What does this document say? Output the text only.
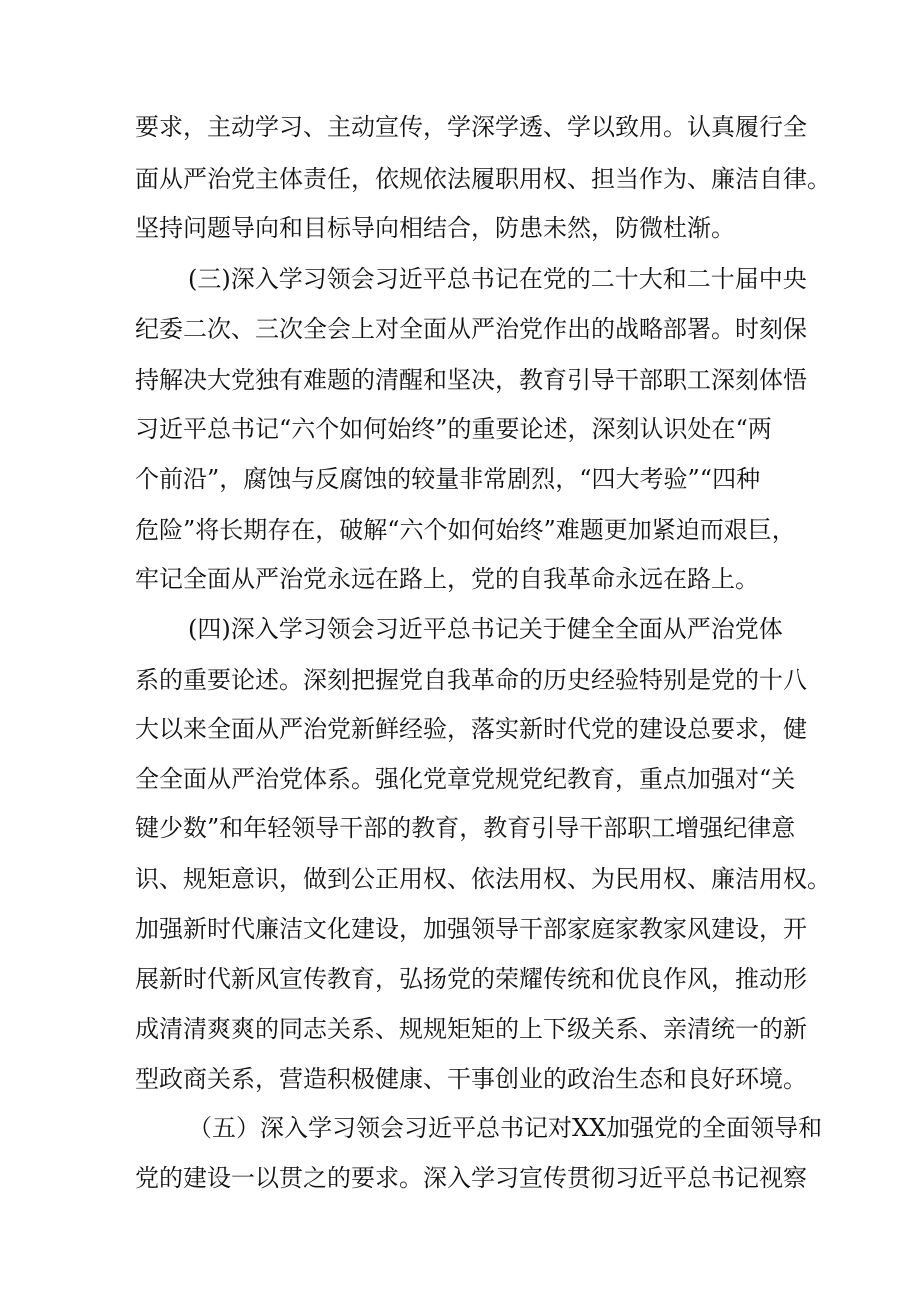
要求，主动学习、主动宣传，学深学透、学以致用。认真履行全
面从严治党主体责任，依规依法履职用权、担当作为、廉洁自律。
坚持问题导向和目标导向相结合，防患未然，防微杜渐。
(三)深入学习领会习近平总书记在党的二十大和二十届中央
纪委二次、三次全会上对全面从严治党作出的战略部署。时刻保
持解决大党独有难题的清醒和坚决，教育引导干部职工深刻体悟
习近平总书记“六个如何始终”的重要论述，深刻认识处在“两
个前沿”，腐蚀与反腐蚀的较量非常剧烈，“四大考验”“四种
危险”将长期存在，破解“六个如何始终”难题更加紧迫而艰巨，
牢记全面从严治党永远在路上，党的自我革命永远在路上。
(四)深入学习领会习近平总书记关于健全全面从严治党体
系的重要论述。深刻把握党自我革命的历史经验特别是党的十八
大以来全面从严治党新鲜经验，落实新时代党的建设总要求，健
全全面从严治党体系。强化党章党规党纪教育，重点加强对“关
键少数”和年轻领导干部的教育，教育引导干部职工增强纪律意
识、规矩意识，做到公正用权、依法用权、为民用权、廉洁用权。
加强新时代廉洁文化建设，加强领导干部家庭家教家风建设，开
展新时代新风宣传教育，弘扬党的荣耀传统和优良作风，推动形
成清清爽爽的同志关系、规规矩矩的上下级关系、亲清统一的新
型政商关系，营造积极健康、干事创业的政治生态和良好环境。
（五）深入学习领会习近平总书记对XX加强党的全面领导和
党的建设一以贯之的要求。深入学习宣传贯彻习近平总书记视察
